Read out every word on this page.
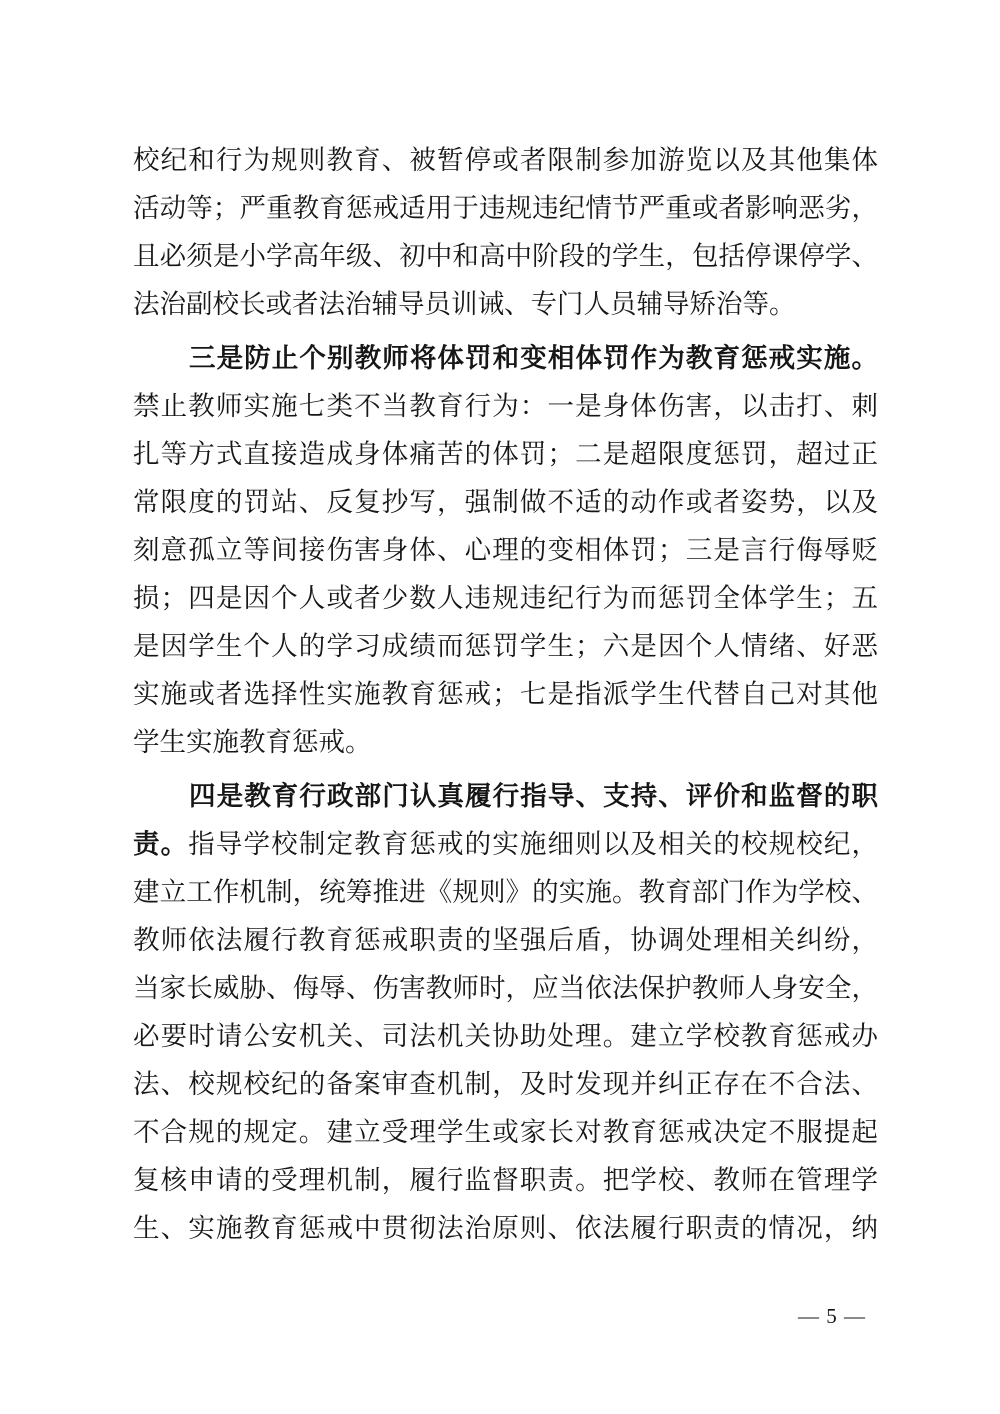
校纪和行为规则教育、被暂停或者限制参加游览以及其他集体
活动等；严重教育惩戒适用于违规违纪情节严重或者影响恶劣，
且必须是小学高年级、初中和高中阶段的学生，包括停课停学、
法治副校长或者法治辅导员训诫、专门人员辅导矫治等。
三是防止个别教师将体罚和变相体罚作为教育惩戒实施。
禁止教师实施七类不当教育行为：一是身体伤害，以击打、刺
扎等方式直接造成身体痛苦的体罚；二是超限度惩罚，超过正
常限度的罚站、反复抄写，强制做不适的动作或者姿势，以及
刻意孤立等间接伤害身体、心理的变相体罚；三是言行侮辱贬
损；四是因个人或者少数人违规违纪行为而惩罚全体学生；五
是因学生个人的学习成绩而惩罚学生；六是因个人情绪、好恶
实施或者选择性实施教育惩戒；七是指派学生代替自己对其他
学生实施教育惩戒。
四是教育行政部门认真履行指导、支持、评价和监督的职
责。指导学校制定教育惩戒的实施细则以及相关的校规校纪，
建立工作机制，统筹推进《规则》的实施。教育部门作为学校、
教师依法履行教育惩戒职责的坚强后盾，协调处理相关纠纷，
当家长威胁、侮辱、伤害教师时，应当依法保护教师人身安全，
必要时请公安机关、司法机关协助处理。建立学校教育惩戒办
法、校规校纪的备案审查机制，及时发现并纠正存在不合法、
不合规的规定。建立受理学生或家长对教育惩戒决定不服提起
复核申请的受理机制，履行监督职责。把学校、教师在管理学
生、实施教育惩戒中贯彻法治原则、依法履行职责的情况，纳
— 5 —
